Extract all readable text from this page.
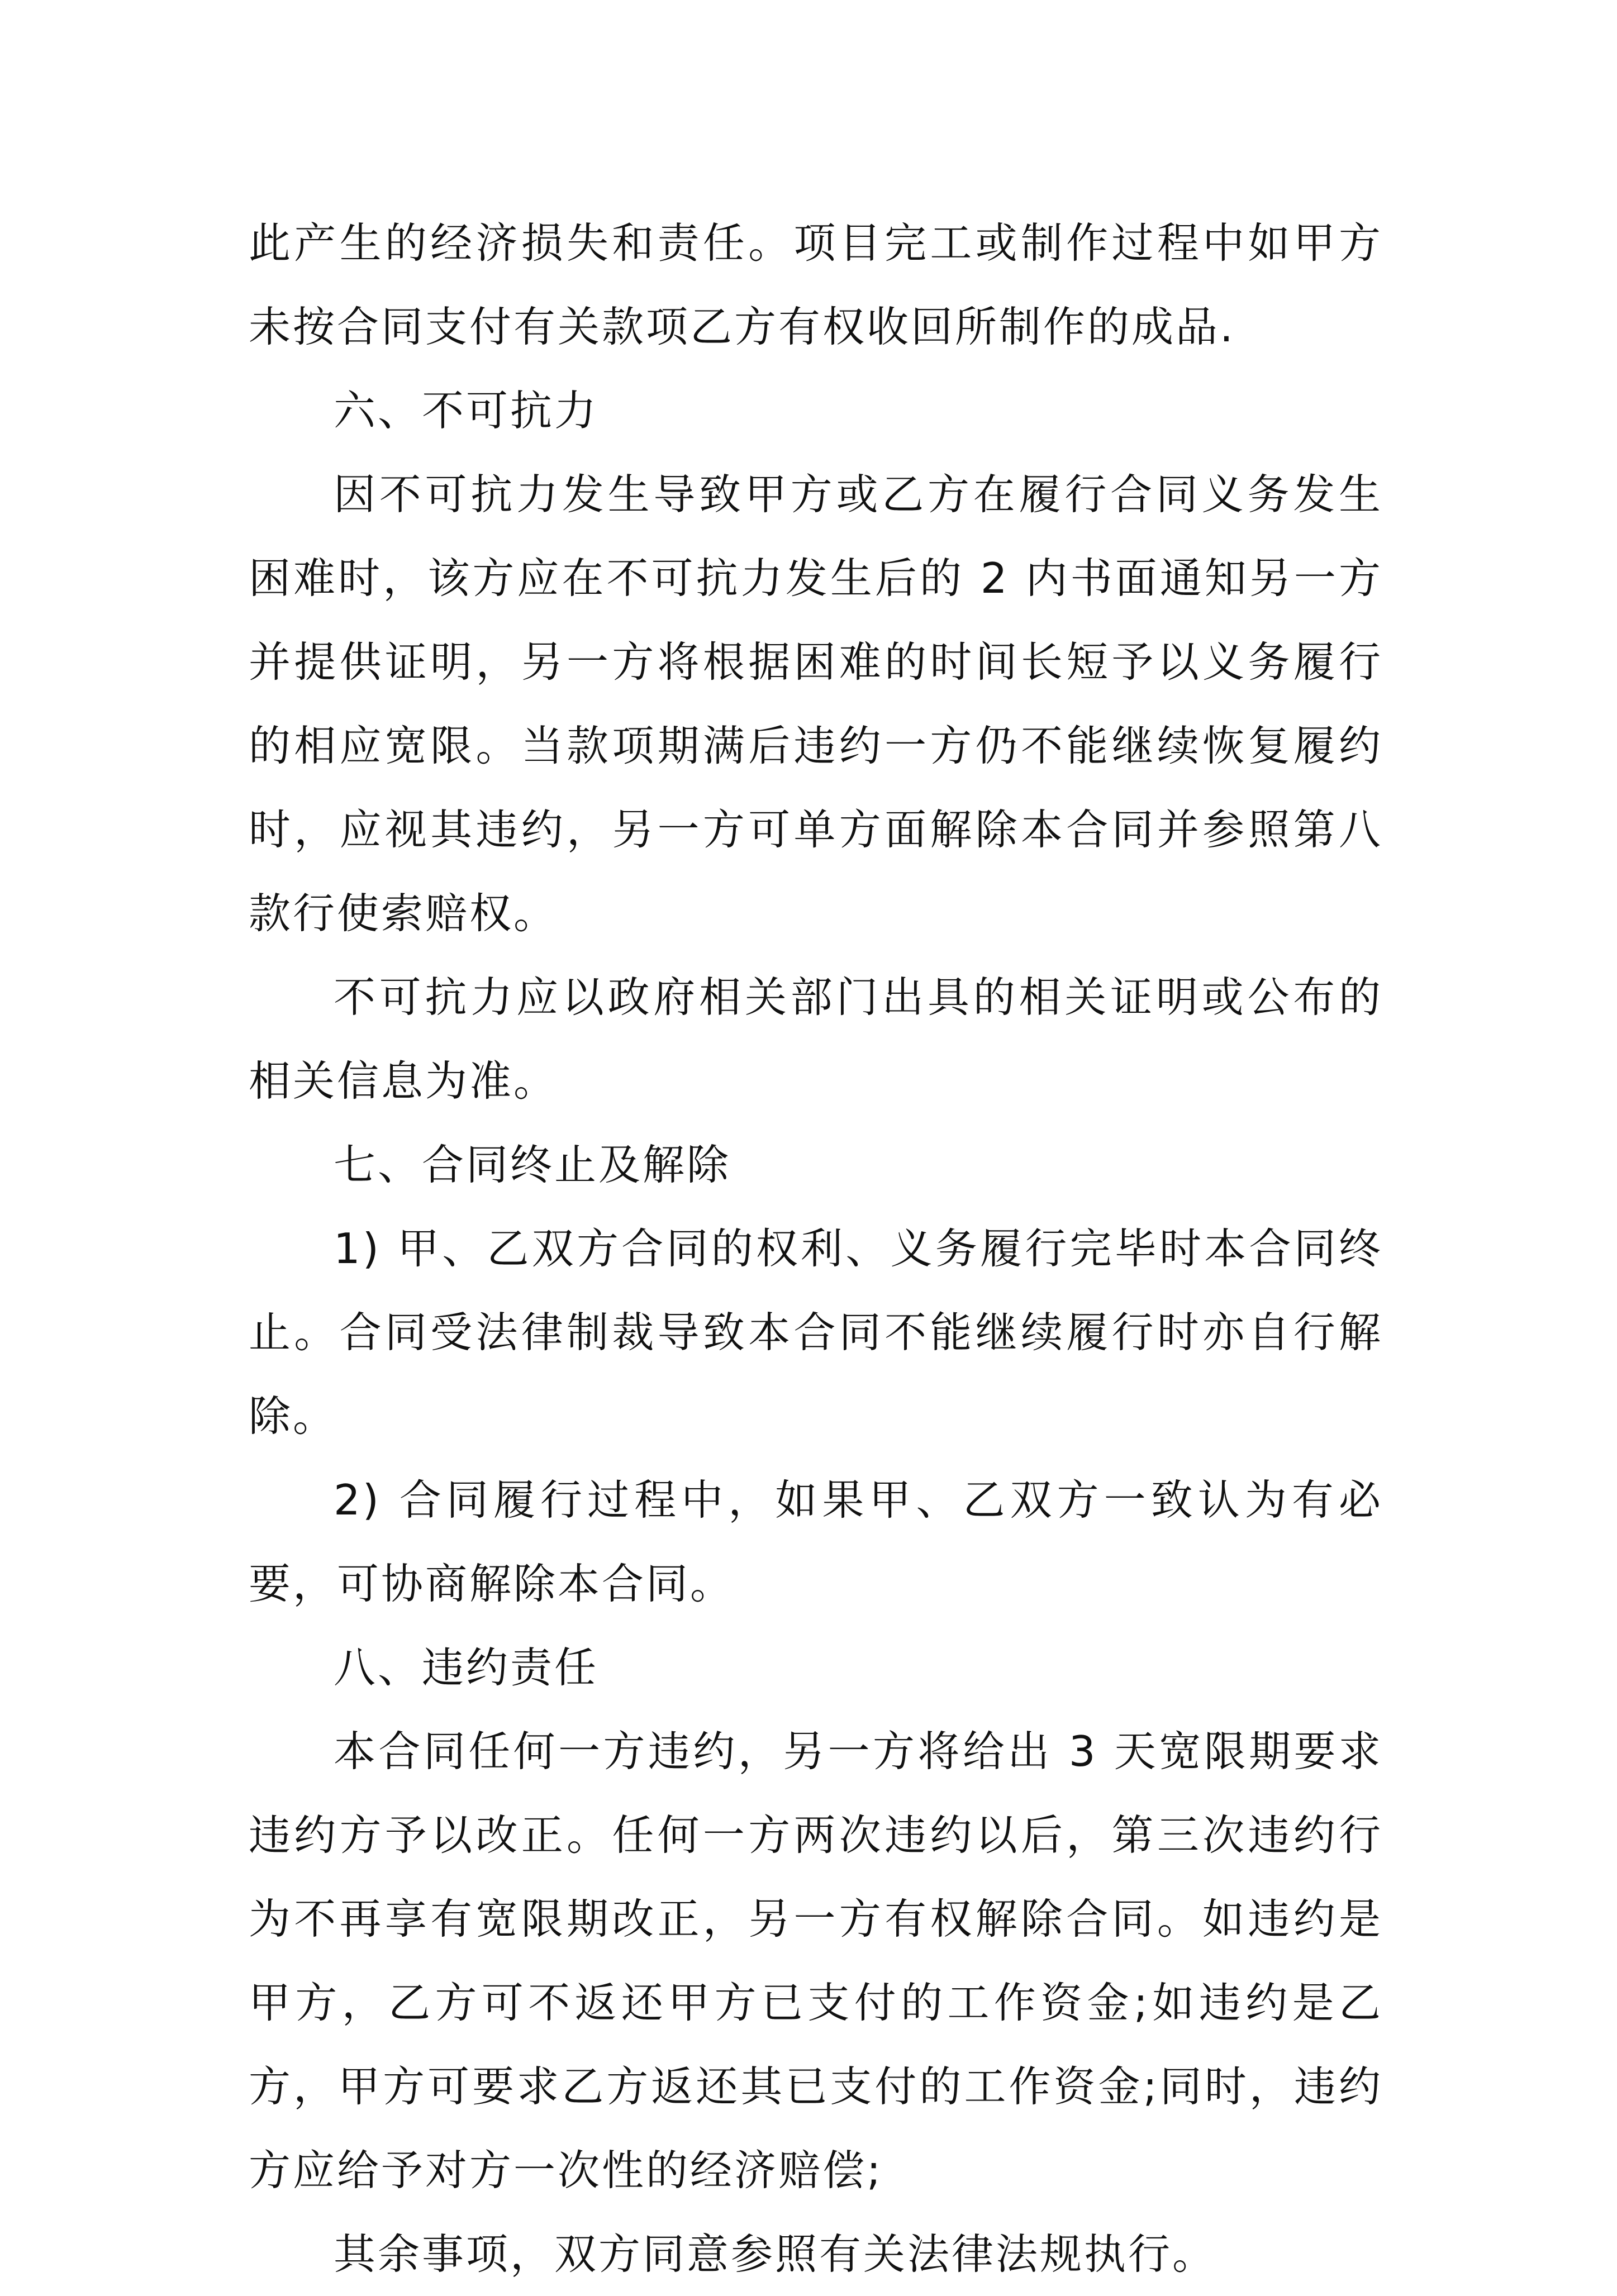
此产生的经济损失和责任。项目完工或制作过程中如甲方未按合同支付有关款项乙方有权收回所制作的成品.

六、不可抗力

因不可抗力发生导致甲方或乙方在履行合同义务发生困难时，该方应在不可抗力发生后的 2 内书面通知另一方并提供证明，另一方将根据困难的时间长短予以义务履行的相应宽限。当款项期满后违约一方仍不能继续恢复履约时，应视其违约，另一方可单方面解除本合同并参照第八款行使索赔权。

不可抗力应以政府相关部门出具的相关证明或公布的相关信息为准。

七、合同终止及解除

1) 甲、乙双方合同的权利、义务履行完毕时本合同终止。合同受法律制裁导致本合同不能继续履行时亦自行解除。

2) 合同履行过程中，如果甲、乙双方一致认为有必要，可协商解除本合同。

八、违约责任

本合同任何一方违约，另一方将给出 3 天宽限期要求违约方予以改正。任何一方两次违约以后，第三次违约行为不再享有宽限期改正，另一方有权解除合同。如违约是甲方，乙方可不返还甲方已支付的工作资金;如违约是乙方，甲方可要求乙方返还其已支付的工作资金;同时，违约方应给予对方一次性的经济赔偿;

其余事项，双方同意参照有关法律法规执行。
